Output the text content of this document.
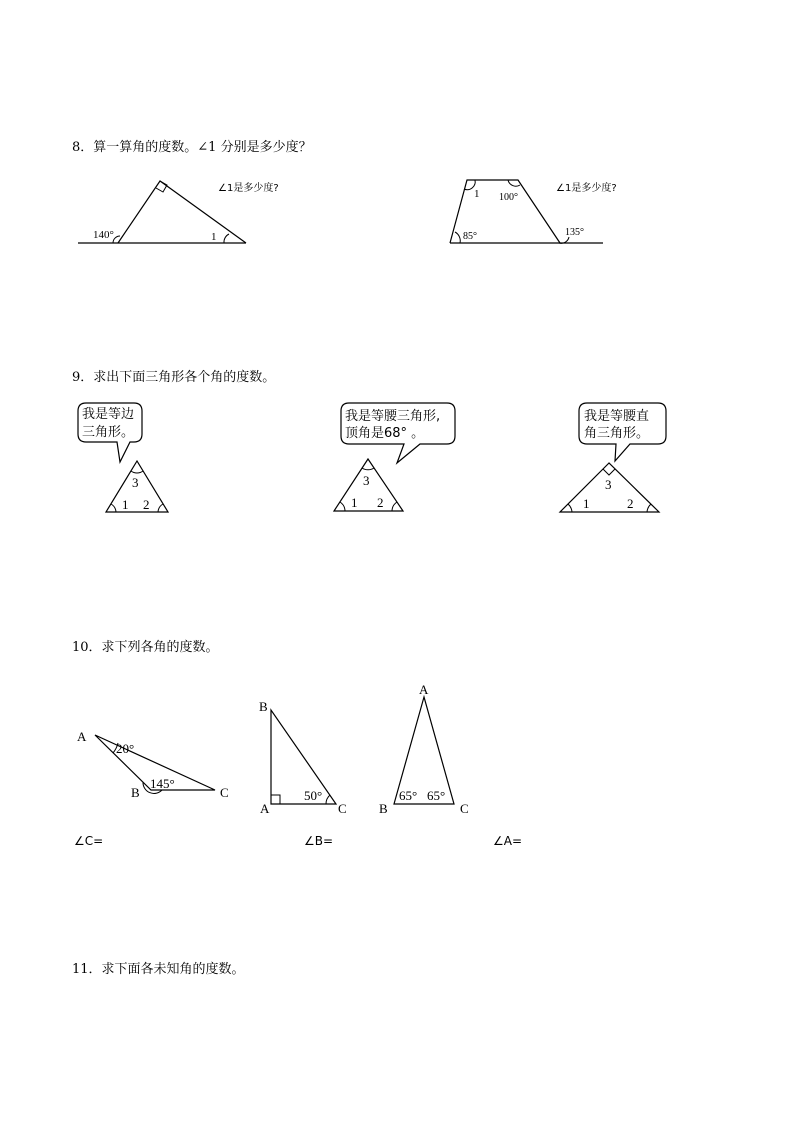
8．算一算角的度数。∠1 分别是多少度？
9．求出下面三角形各个角的度数。
10．求下列各角的度数。
11．求下面各未知角的度数。
∠1是多少度?
140°	1
∠1是多少度?
1 100°
85°	135°
我是等边
三角形。
3
1 2
我是等腰三角形,
顶角是68° 。
3
1 2
我是等腰直
角三角形。
3
1	2
A
20°
145°
B	C
∠C=
B
A
50°
C
∠B=
A
65° 65°
B	C
∠A=
